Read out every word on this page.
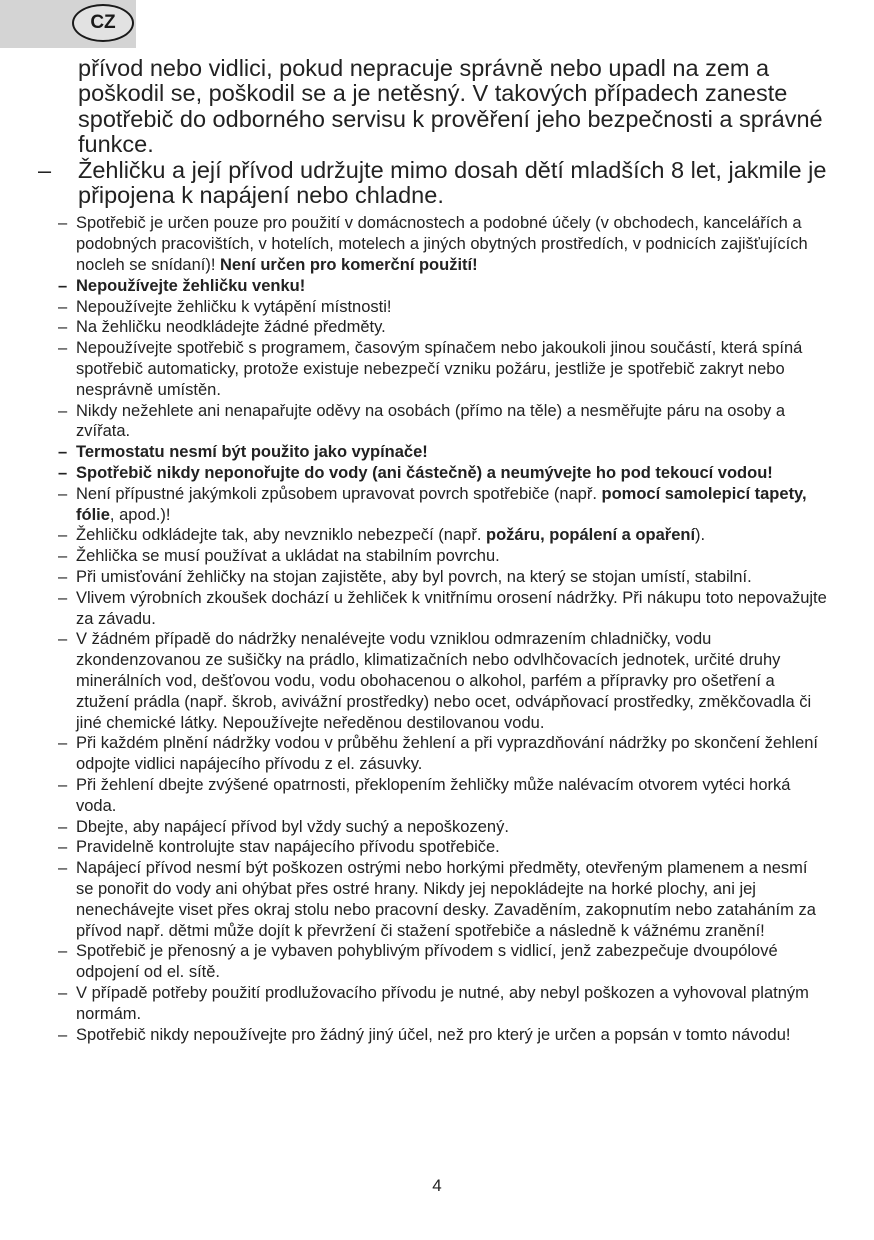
CZ

přívod nebo vidlici, pokud nepracuje správně nebo upadl na zem a poškodil se, poškodil se a je netěsný. V takových případech zaneste spotřebič do odborného servisu k prověření jeho bezpečnosti a správné funkce.

– Žehličku a její přívod udržujte mimo dosah dětí mladších 8 let, jakmile je připojena k napájení nebo chladne.

– Spotřebič je určen pouze pro použití v domácnostech a podobné účely (v obchodech, kancelářích a podobných pracovištích, v hotelích, motelech a jiných obytných prostředích, v podnicích zajišťujících nocleh se snídaní)! Není určen pro komerční použití!
– Nepoužívejte žehličku venku!
– Nepoužívejte žehličku k vytápění místnosti!
– Na žehličku neodkládejte žádné předměty.
– Nepoužívejte spotřebič s programem, časovým spínačem nebo jakoukoli jinou součástí, která spíná spotřebič automaticky, protože existuje nebezpečí vzniku požáru, jestliže je spotřebič zakryt nebo nesprávně umístěn.
– Nikdy nežehlete ani nenapařujte oděvy na osobách (přímo na těle) a nesměřujte páru na osoby a zvířata.
– Termostatu nesmí být použito jako vypínače!
– Spotřebič nikdy neponořujte do vody (ani částečně) a neumývejte ho pod tekoucí vodou!
– Není přípustné jakýmkoli způsobem upravovat povrch spotřebiče (např. pomocí samolepicí tapety, fólie, apod.)!
– Žehličku odkládejte tak, aby nevzniklo nebezpečí (např. požáru, popálení a opaření).
– Žehlička se musí používat a ukládat na stabilním povrchu.
– Při umisťování žehličky na stojan zajistěte, aby byl povrch, na který se stojan umístí, stabilní.
– Vlivem výrobních zkoušek dochází u žehliček k vnitřnímu orosení nádržky. Při nákupu toto nepovažujte za závadu.
– V žádném případě do nádržky nenalévejte vodu vzniklou odmrazením chladničky, vodu zkondenzovanou ze sušičky na prádlo, klimatizačních nebo odvlhčovacích jednotek, určité druhy minerálních vod, dešťovou vodu, vodu obohacenou o alkohol, parfém a přípravky pro ošetření a ztužení prádla (např. škrob, avivážní prostředky) nebo ocet, odvápňovací prostředky, změkčovadla či jiné chemické látky. Nepoužívejte neředěnou destilovanou vodu.
– Při každém plnění nádržky vodou v průběhu žehlení a při vyprazdňování nádržky po skončení žehlení odpojte vidlici napájecího přívodu z el. zásuvky.
– Při žehlení dbejte zvýšené opatrnosti, překlopením žehličky může nalévacím otvorem vytéci horká voda.
– Dbejte, aby napájecí přívod byl vždy suchý a nepoškozený.
– Pravidelně kontrolujte stav napájecího přívodu spotřebiče.
– Napájecí přívod nesmí být poškozen ostrými nebo horkými předměty, otevřeným plamenem a nesmí se ponořit do vody ani ohýbat přes ostré hrany. Nikdy jej nepokládejte na horké plochy, ani jej nenechávejte viset přes okraj stolu nebo pracovní desky. Zavaděním, zakopnutím nebo zataháním za přívod např. dětmi může dojít k převržení či stažení spotřebiče a následně k vážnému zranění!
– Spotřebič je přenosný a je vybaven pohyblivým přívodem s vidlicí, jenž zabezpečuje dvoupólové odpojení od el. sítě.
– V případě potřeby použití prodlužovacího přívodu je nutné, aby nebyl poškozen a vyhovoval platným normám.
– Spotřebič nikdy nepoužívejte pro žádný jiný účel, než pro který je určen a popsán v tomto návodu!
4
